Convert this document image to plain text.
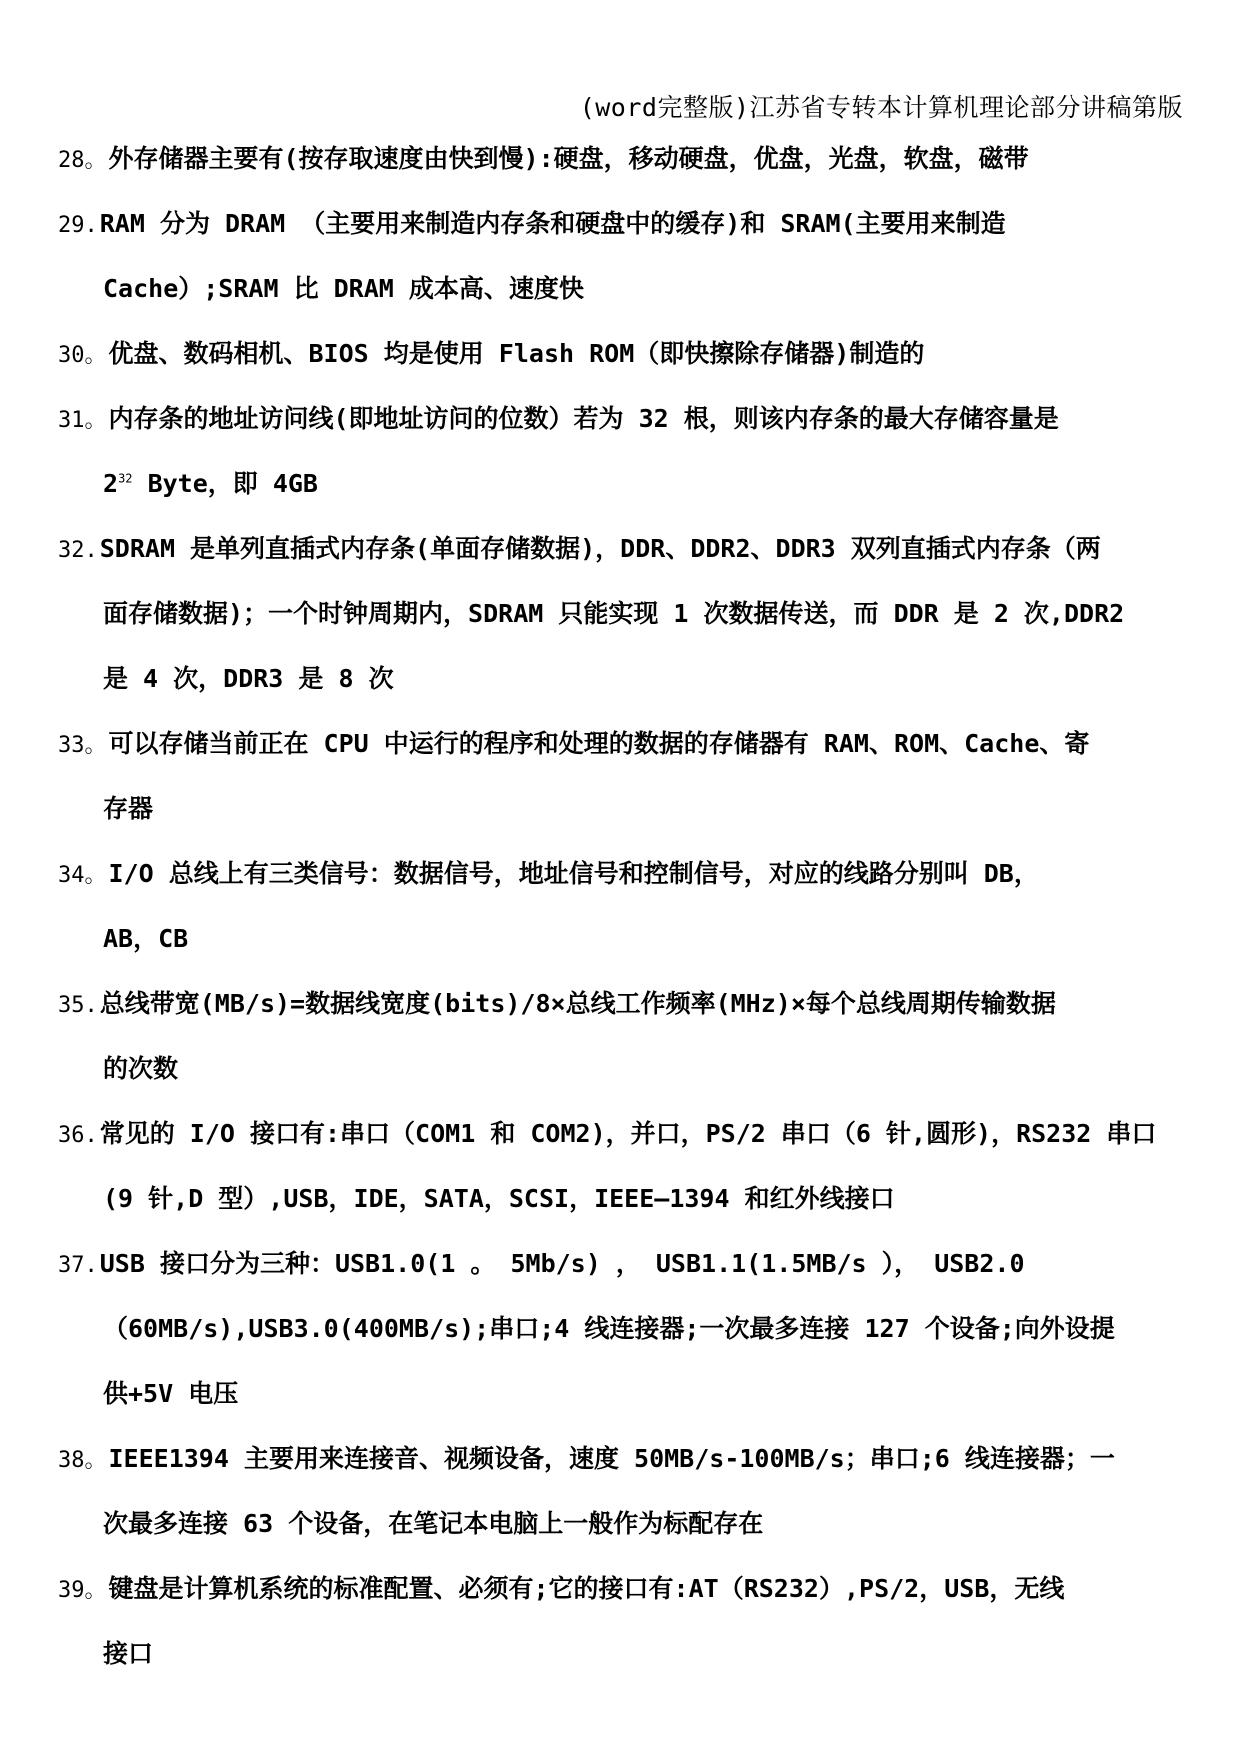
(word完整版)江苏省专转本计算机理论部分讲稿第版
28。外存储器主要有(按存取速度由快到慢):硬盘，移动硬盘，优盘，光盘，软盘，磁带
29.RAM 分为 DRAM （主要用来制造内存条和硬盘中的缓存)和 SRAM(主要用来制造
Cache）;SRAM 比 DRAM 成本高、速度快
30。优盘、数码相机、BIOS 均是使用 Flash ROM（即快擦除存储器)制造的
31。内存条的地址访问线(即地址访问的位数）若为 32 根，则该内存条的最大存储容量是
$2^{32}$ Byte，即 4GB
32.SDRAM 是单列直插式内存条(单面存储数据)，DDR、DDR2、DDR3 双列直插式内存条（两
面存储数据)；一个时钟周期内，SDRAM 只能实现 1 次数据传送，而 DDR 是 2 次,DDR2
是 4 次，DDR3 是 8 次
33。可以存储当前正在 CPU 中运行的程序和处理的数据的存储器有 RAM、ROM、Cache、寄
存器
34。I/O 总线上有三类信号：数据信号，地址信号和控制信号，对应的线路分别叫 DB，
AB，CB
35.总线带宽(MB/s)=数据线宽度(bits)/8×总线工作频率(MHz)×每个总线周期传输数据
的次数
36.常见的 I/O 接口有:串口（COM1 和 COM2)，并口，PS/2 串口（6 针,圆形)，RS232 串口
(9 针,D 型）,USB，IDE，SATA，SCSI，IEEE—1394 和红外线接口
37.USB 接口分为三种：USB1.0(1 。 5Mb/s) ， USB1.1(1.5MB/s ）， USB2.0
（60MB/s),USB3.0(400MB/s);串口;4 线连接器;一次最多连接 127 个设备;向外设提
供+5V 电压
38。IEEE1394 主要用来连接音、视频设备，速度 50MB/s-100MB/s；串口;6 线连接器；一
次最多连接 63 个设备，在笔记本电脑上一般作为标配存在
39。键盘是计算机系统的标准配置、必须有;它的接口有:AT（RS232）,PS/2，USB，无线
接口
